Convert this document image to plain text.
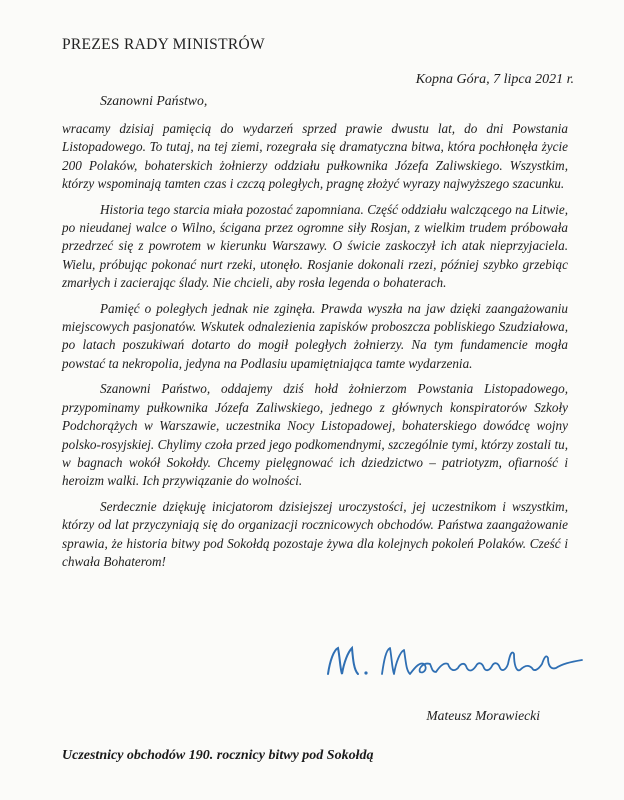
PREZES RADY MINISTRÓW
Kopna Góra, 7 lipca 2021 r.
Szanowni Państwo,

wracamy dzisiaj pamięcią do wydarzeń sprzed prawie dwustu lat, do dni Powstania Listopadowego. To tutaj, na tej ziemi, rozegrała się dramatyczna bitwa, która pochłonęła życie 200 Polaków, bohaterskich żołnierzy oddziału pułkownika Józefa Zaliwskiego. Wszystkim, którzy wspominają tamten czas i czczą poległych, pragnę złożyć wyrazy najwyższego szacunku.

Historia tego starcia miała pozostać zapomniana. Część oddziału walczącego na Litwie, po nieudanej walce o Wilno, ścigana przez ogromne siły Rosjan, z wielkim trudem próbowała przedrzeć się z powrotem w kierunku Warszawy. O świcie zaskoczył ich atak nieprzyjaciela. Wielu, próbując pokonać nurt rzeki, utonęło. Rosjanie dokonali rzezi, później szybko grzebiąc zmarłych i zacierając ślady. Nie chcieli, aby rosła legenda o bohaterach.

Pamięć o poległych jednak nie zginęła. Prawda wyszła na jaw dzięki zaangażowaniu miejscowych pasjonatów. Wskutek odnalezienia zapisków proboszcza pobliskiego Szudziałowa, po latach poszukiwań dotarto do mogił poległych żołnierzy. Na tym fundamencie mogła powstać ta nekropolia, jedyna na Podlasiu upamiętniająca tamte wydarzenia.

Szanowni Państwo, oddajemy dziś hołd żołnierzom Powstania Listopadowego, przypominamy pułkownika Józefa Zaliwskiego, jednego z głównych konspiratorów Szkoły Podchorążych w Warszawie, uczestnika Nocy Listopadowej, bohaterskiego dowódcę wojny polsko-rosyjskiej. Chylimy czoła przed jego podkomendnymi, szczególnie tymi, którzy zostali tu, w bagnach wokół Sokołdy. Chcemy pielęgnować ich dziedzictwo – patriotyzm, ofiarność i heroizm walki. Ich przywiązanie do wolności.

Serdecznie dziękuję inicjatorom dzisiejszej uroczystości, jej uczestnikom i wszystkim, którzy od lat przyczyniają się do organizacji rocznicowych obchodów. Państwa zaangażowanie sprawia, że historia bitwy pod Sokołdą pozostaje żywa dla kolejnych pokoleń Polaków. Cześć i chwała Bohaterom!

Mateusz Morawiecki
Uczestnicy obchodów 190. rocznicy bitwy pod Sokołdą
